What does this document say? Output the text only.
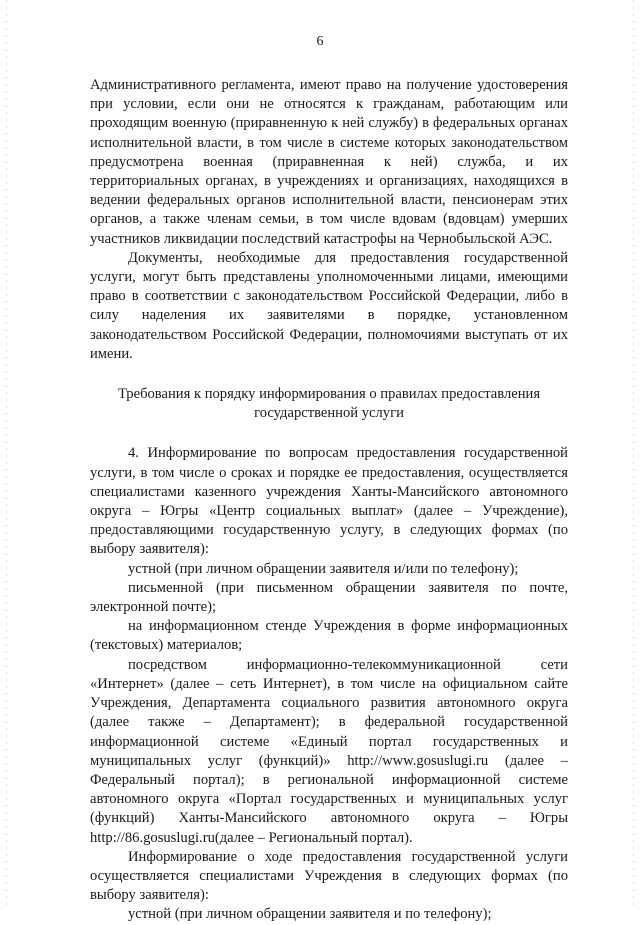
6

Административного регламента, имеют право на получение удостоверения при условии, если они не относятся к гражданам, работающим или проходящим военную (приравненную к ней службу) в федеральных органах исполнительной власти, в том числе в системе которых законодательством предусмотрена военная (приравненная к ней) служба, и их территориальных органах, в учреждениях и организациях, находящихся в ведении федеральных органов исполнительной власти, пенсионерам этих органов, а также членам семьи, в том числе вдовам (вдовцам) умерших участников ликвидации последствий катастрофы на Чернобыльской АЭС.

Документы, необходимые для предоставления государственной услуги, могут быть представлены уполномоченными лицами, имеющими право в соответствии с законодательством Российской Федерации, либо в силу наделения их заявителями в порядке, установленном законодательством Российской Федерации, полномочиями выступать от их имени.

Требования к порядку информирования о правилах предоставления государственной услуги

4. Информирование по вопросам предоставления государственной услуги, в том числе о сроках и порядке ее предоставления, осуществляется специалистами казенного учреждения Ханты-Мансийского автономного округа – Югры «Центр социальных выплат» (далее – Учреждение), предоставляющими государственную услугу, в следующих формах (по выбору заявителя):

устной (при личном обращении заявителя и/или по телефону);

письменной (при письменном обращении заявителя по почте, электронной почте);

на информационном стенде Учреждения в форме информационных (текстовых) материалов;

посредством информационно-телекоммуникационной сети «Интернет» (далее – сеть Интернет), в том числе на официальном сайте Учреждения, Департамента социального развития автономного округа (далее также – Департамент); в федеральной государственной информационной системе «Единый портал государственных и муниципальных услуг (функций)» http://www.gosuslugi.ru (далее – Федеральный портал); в региональной информационной системе автономного округа «Портал государственных и муниципальных услуг (функций) Ханты-Мансийского автономного округа – Югры http://86.gosuslugi.ru(далее – Региональный портал).

Информирование о ходе предоставления государственной услуги осуществляется специалистами Учреждения в следующих формах (по выбору заявителя):

устной (при личном обращении заявителя и по телефону);
